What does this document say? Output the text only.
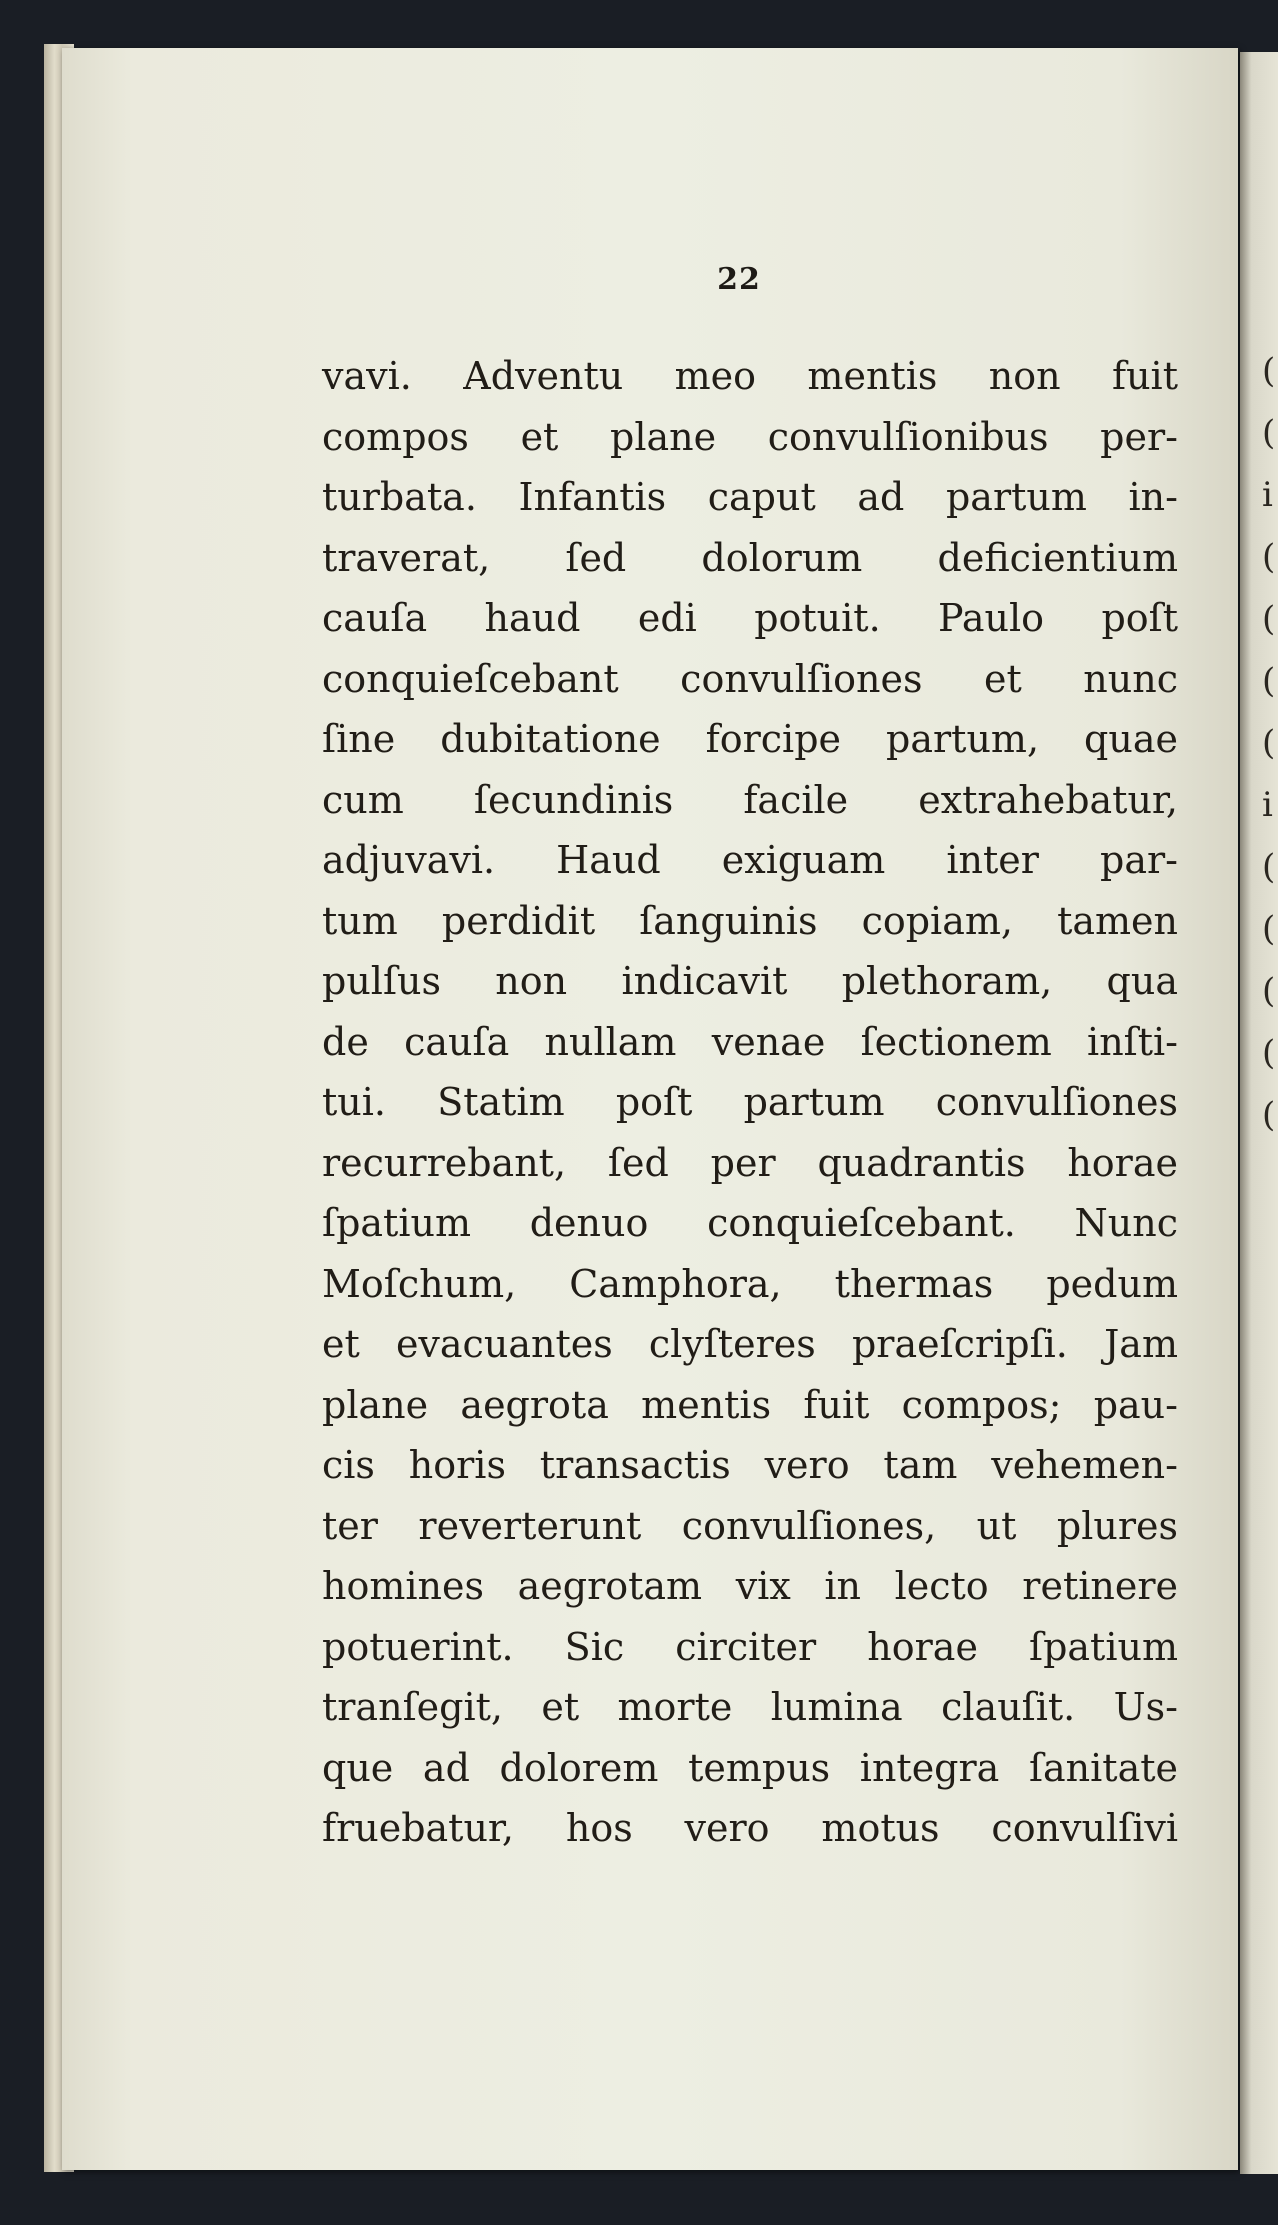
(
(
i
(
(
(
(
i
(
(
(
(
(
22
vavi. Adventu meo mentis non fuit
compos et plane convulſionibus per-
turbata. Infantis caput ad partum in-
traverat, ſed dolorum deficientium
cauſa haud edi potuit. Paulo poſt
conquieſcebant convulſiones et nunc
ſine dubitatione forcipe partum, quae
cum ſecundinis facile extrahebatur,
adjuvavi. Haud exiguam inter par-
tum perdidit ſanguinis copiam, tamen
pulſus non indicavit plethoram, qua
de cauſa nullam venae ſectionem inſti-
tui. Statim poſt partum convulſiones
recurrebant, ſed per quadrantis horae
ſpatium denuo conquieſcebant. Nunc
Moſchum, Camphora, thermas pedum
et evacuantes clyſteres praeſcripſi. Jam
plane aegrota mentis fuit compos; pau-
cis horis transactis vero tam vehemen-
ter reverterunt convulſiones, ut plures
homines aegrotam vix in lecto retinere
potuerint. Sic circiter horae ſpatium
tranſegit, et morte lumina clauſit. Us-
que ad dolorem tempus integra ſanitate
fruebatur, hos vero motus convulſivi
